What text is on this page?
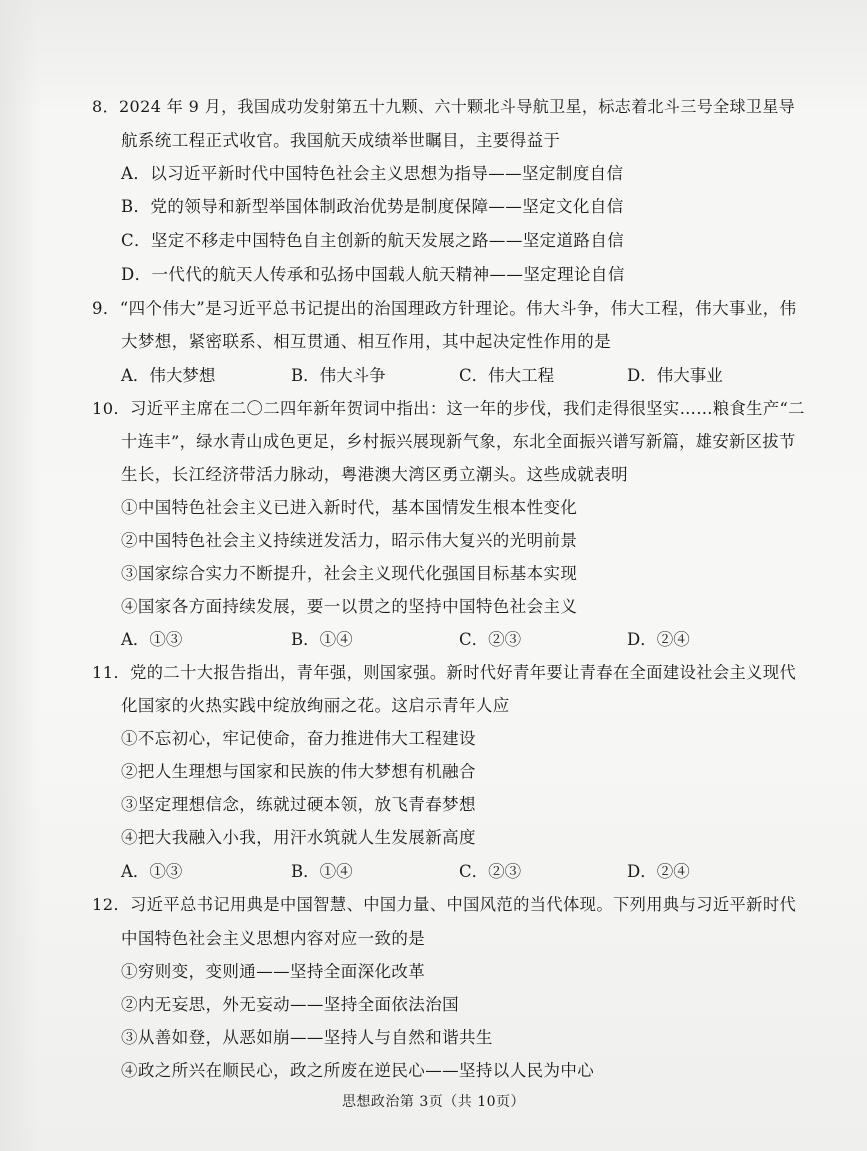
8．2024 年 9 月，我国成功发射第五十九颗、六十颗北斗导航卫星，标志着北斗三号全球卫星导
航系统工程正式收官。我国航天成绩举世瞩目，主要得益于
A．以习近平新时代中国特色社会主义思想为指导——坚定制度自信
B．党的领导和新型举国体制政治优势是制度保障——坚定文化自信
C．坚定不移走中国特色自主创新的航天发展之路——坚定道路自信
D．一代代的航天人传承和弘扬中国载人航天精神——坚定理论自信
9．“四个伟大”是习近平总书记提出的治国理政方针理论。伟大斗争，伟大工程，伟大事业，伟
大梦想，紧密联系、相互贯通、相互作用，其中起决定性作用的是
A．伟大梦想	B．伟大斗争	C．伟大工程	D．伟大事业
10．习近平主席在二〇二四年新年贺词中指出：这一年的步伐，我们走得很坚实……粮食生产“二
十连丰”，绿水青山成色更足，乡村振兴展现新气象，东北全面振兴谱写新篇，雄安新区拔节
生长，长江经济带活力脉动，粤港澳大湾区勇立潮头。这些成就表明
①中国特色社会主义已进入新时代，基本国情发生根本性变化
②中国特色社会主义持续迸发活力，昭示伟大复兴的光明前景
③国家综合实力不断提升，社会主义现代化强国目标基本实现
④国家各方面持续发展，要一以贯之的坚持中国特色社会主义
A．①③	B．①④	C．②③	D．②④
11．党的二十大报告指出，青年强，则国家强。新时代好青年要让青春在全面建设社会主义现代
化国家的火热实践中绽放绚丽之花。这启示青年人应
①不忘初心，牢记使命，奋力推进伟大工程建设
②把人生理想与国家和民族的伟大梦想有机融合
③坚定理想信念，练就过硬本领，放飞青春梦想
④把大我融入小我，用汗水筑就人生发展新高度
A．①③	B．①④	C．②③	D．②④
12．习近平总书记用典是中国智慧、中国力量、中国风范的当代体现。下列用典与习近平新时代
中国特色社会主义思想内容对应一致的是
①穷则变，变则通——坚持全面深化改革
②内无妄思，外无妄动——坚持全面依法治国
③从善如登，从恶如崩——坚持人与自然和谐共生
④政之所兴在顺民心，政之所废在逆民心——坚持以人民为中心
思想政治第 3页（共 10页）
